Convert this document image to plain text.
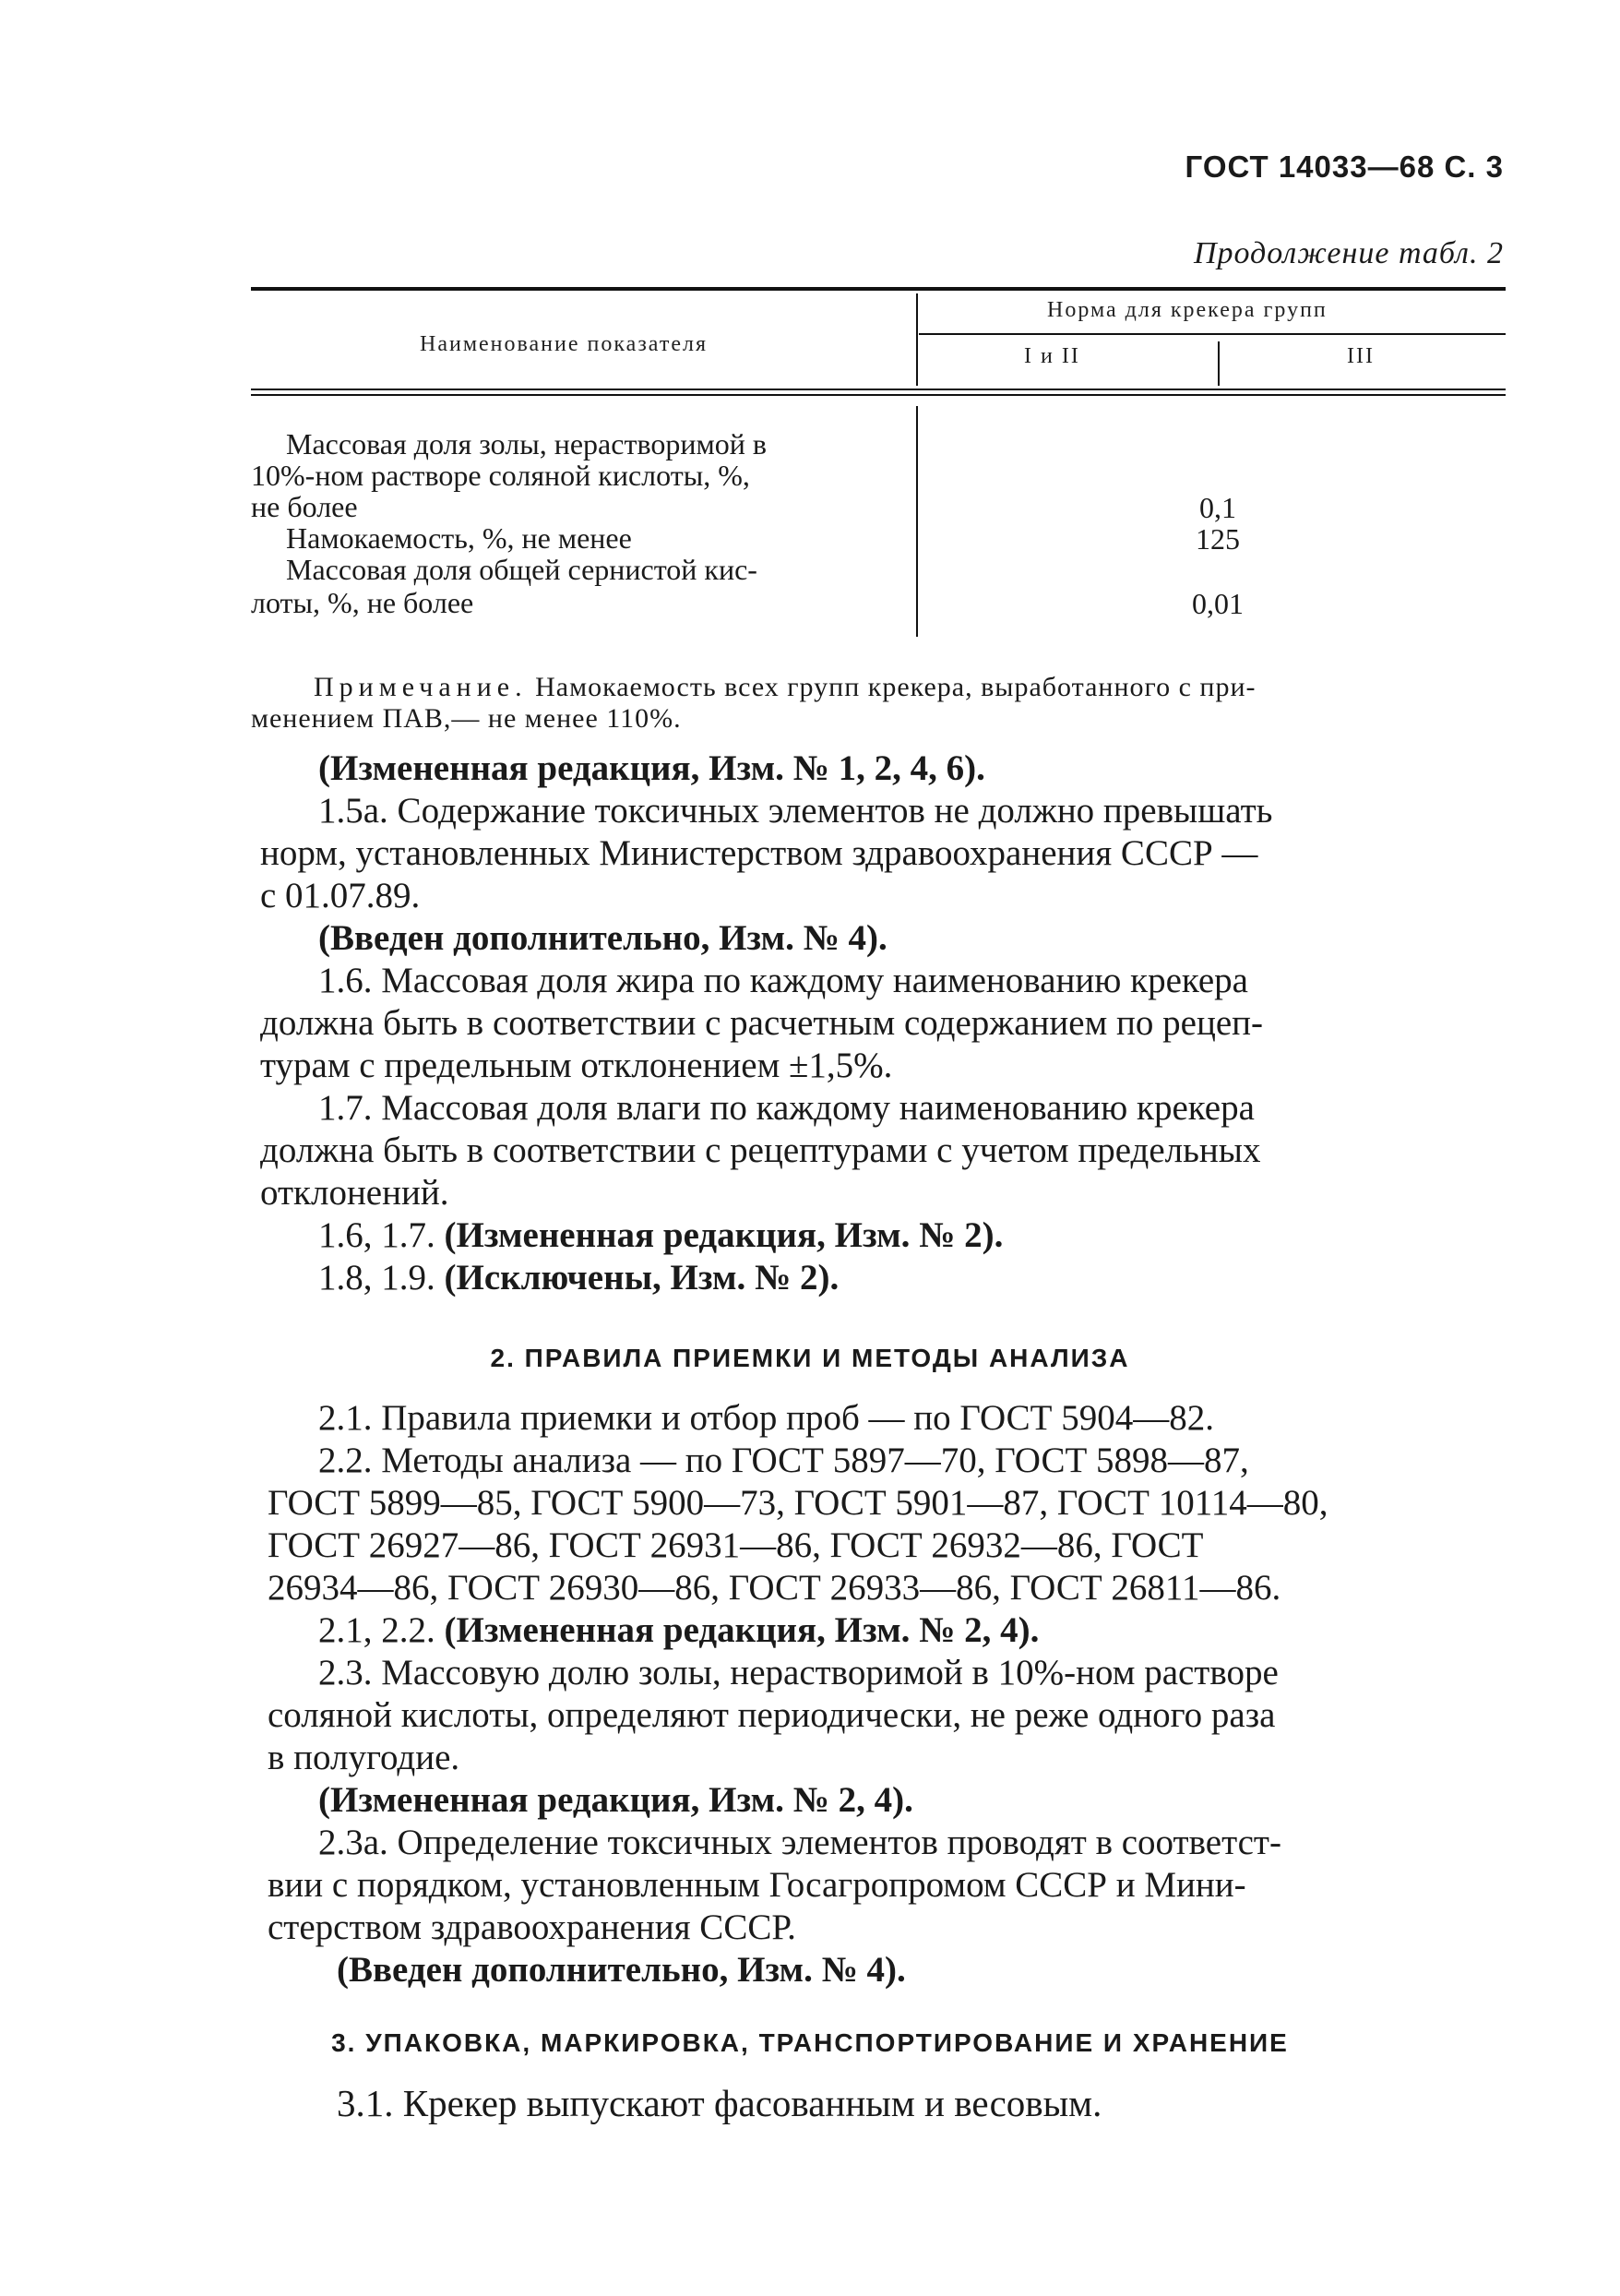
ГОСТ 14033—68 С. 3
Продолжение табл. 2
Наименование показателя
Норма для крекера групп
I и II	III
Массовая доля золы, нерастворимой в
10%-ном растворе соляной кислоты, %,
не более	0,1
Намокаемость, %, не менее	125
Массовая доля общей сернистой кис-
лоты, %, не более	0,01
Примечание. Намокаемость всех групп крекера, выработанного с при-
менением ПАВ,— не менее 110%.
(Измененная редакция, Изм. № 1, 2, 4, 6).
1.5а. Содержание токсичных элементов не должно превышать
норм, установленных Министерством здравоохранения СССР —
с 01.07.89.
(Введен дополнительно, Изм. № 4).
1.6. Массовая доля жира по каждому наименованию крекера
должна быть в соответствии с расчетным содержанием по рецеп-
турам с предельным отклонением ±1,5%.
1.7. Массовая доля влаги по каждому наименованию крекера
должна быть в соответствии с рецептурами с учетом предельных
отклонений.
1.6, 1.7. (Измененная редакция, Изм. № 2).
1.8, 1.9. (Исключены, Изм. № 2).
2. ПРАВИЛА ПРИЕМКИ И МЕТОДЫ АНАЛИЗА
2.1. Правила приемки и отбор проб — по ГОСТ 5904—82.
2.2. Методы анализа — по ГОСТ 5897—70, ГОСТ 5898—87,
ГОСТ 5899—85, ГОСТ 5900—73, ГОСТ 5901—87, ГОСТ 10114—80,
ГОСТ 26927—86, ГОСТ 26931—86, ГОСТ 26932—86, ГОСТ
26934—86, ГОСТ 26930—86, ГОСТ 26933—86, ГОСТ 26811—86.
2.1, 2.2. (Измененная редакция, Изм. № 2, 4).
2.3. Массовую долю золы, нерастворимой в 10%-ном растворе
соляной кислоты, определяют периодически, не реже одного раза
в полугодие.
(Измененная редакция, Изм. № 2, 4).
2.3а. Определение токсичных элементов проводят в соответст-
вии с порядком, установленным Госагропромом СССР и Мини-
стерством здравоохранения СССР.
(Введен дополнительно, Изм. № 4).
3. УПАКОВКА, МАРКИРОВКА, ТРАНСПОРТИРОВАНИЕ И ХРАНЕНИЕ
3.1. Крекер выпускают фасованным и весовым.
